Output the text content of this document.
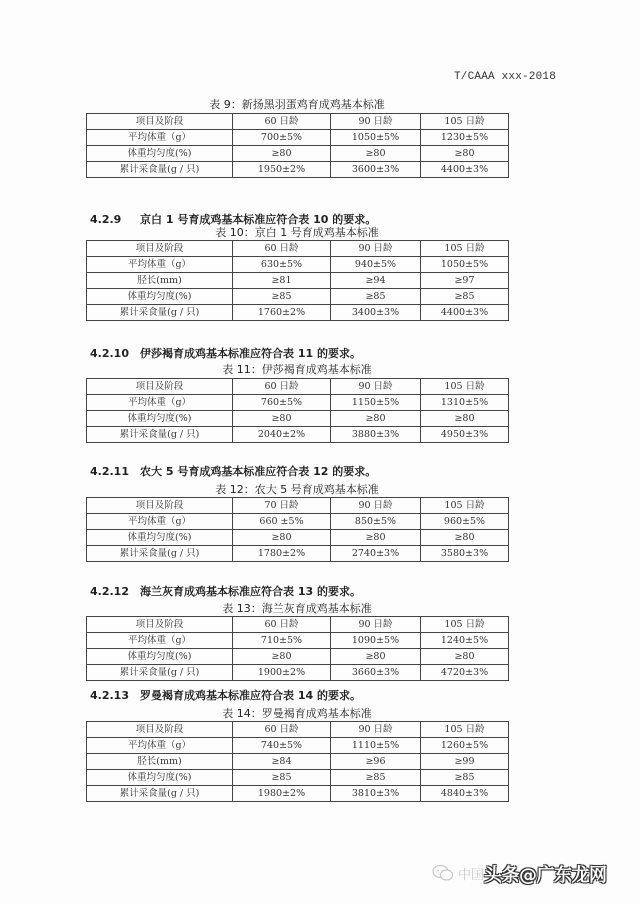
T/CAAA xxx-2018
表 9：新扬黑羽蛋鸡育成鸡基本标准
项目及阶段	60 日龄	90 日龄	105 日龄
平均体重（g）	700±5%	1050±5%	1230±5%
体重均匀度(%)	≥80	≥80	≥80
累计采食量(g / 只)	1950±2%	3600±3%	4400±3%
4.2.9 京白 1 号育成鸡基本标准应符合表 10 的要求。
表 10：京白 1 号育成鸡基本标准
项目及阶段	60 日龄	90 日龄	105 日龄
平均体重（g）	630±5%	940±5%	1050±5%
胫长(mm)	≥81	≥94	≥97
体重均匀度(%)	≥85	≥85	≥85
累计采食量(g / 只)	1760±2%	3400±3%	4400±3%
4.2.10 伊莎褐育成鸡基本标准应符合表 11 的要求。
表 11：伊莎褐育成鸡基本标准
项目及阶段	60 日龄	90 日龄	105 日龄
平均体重（g）	760±5%	1150±5%	1310±5%
体重均匀度(%)	≥80	≥80	≥80
累计采食量(g / 只)	2040±2%	3880±3%	4950±3%
4.2.11 农大 5 号育成鸡基本标准应符合表 12 的要求。
表 12：农大 5 号育成鸡基本标准
项目及阶段	70 日龄	90 日龄	105 日龄
平均体重（g）	660 ±5%	850±5%	960±5%
体重均匀度(%)	≥80	≥80	≥80
累计采食量(g / 只)	1780±2%	2740±3%	3580±3%
4.2.12 海兰灰育成鸡基本标准应符合表 13 的要求。
表 13：海兰灰育成鸡基本标准
项目及阶段	60 日龄	90 日龄	105 日龄
平均体重（g）	710±5%	1090±5%	1240±5%
体重均匀度(%)	≥80	≥80	≥80
累计采食量(g / 只)	1900±2%	3660±3%	4720±3%
4.2.13 罗曼褐育成鸡基本标准应符合表 14 的要求。
表 14：罗曼褐育成鸡基本标准
项目及阶段	60 日龄	90 日龄	105 日龄
平均体重（g）	740±5%	1110±5%	1260±5%
胫长(mm)	≥84	≥96	≥99
体重均匀度(%)	≥85	≥85	≥85
累计采食量(g / 只)	1980±2%	3810±3%	4840±3%
中国 头条@广东龙网
